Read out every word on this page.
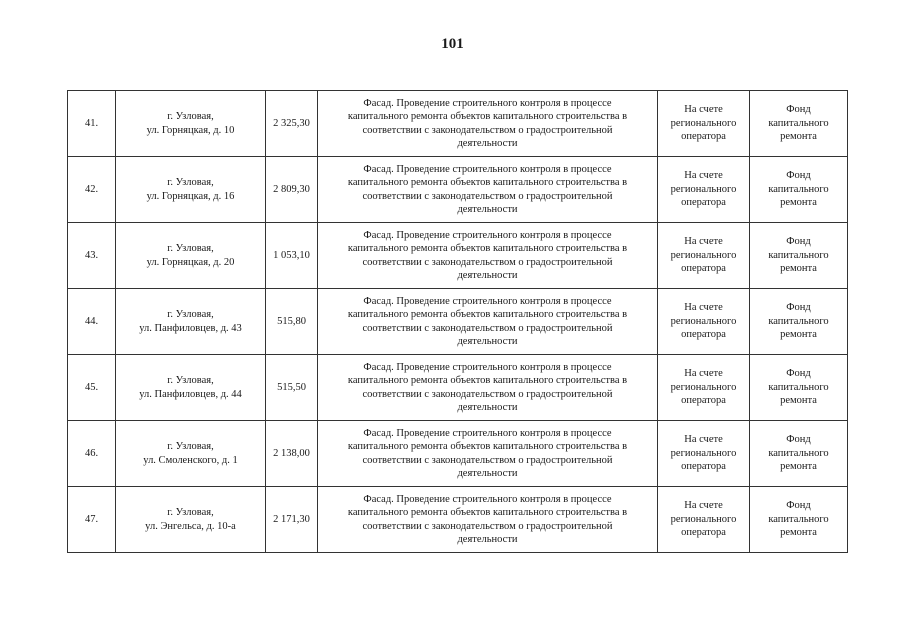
101
41.	г. Узловая,
ул. Горняцкая, д. 10	2 325,30	Фасад. Проведение строительного контроля в процессе
капитального ремонта объектов капитального строительства в
соответствии с законодательством о градостроительной
деятельности	На счете
регионального
оператора	Фонд
капитального
ремонта

42.	г. Узловая,
ул. Горняцкая, д. 16	2 809,30	Фасад. Проведение строительного контроля в процессе
капитального ремонта объектов капитального строительства в
соответствии с законодательством о градостроительной
деятельности	На счете
регионального
оператора	Фонд
капитального
ремонта

43.	г. Узловая,
ул. Горняцкая, д. 20	1 053,10	Фасад. Проведение строительного контроля в процессе
капитального ремонта объектов капитального строительства в
соответствии с законодательством о градостроительной
деятельности	На счете
регионального
оператора	Фонд
капитального
ремонта

44.	г. Узловая,
ул. Панфиловцев, д. 43	515,80	Фасад. Проведение строительного контроля в процессе
капитального ремонта объектов капитального строительства в
соответствии с законодательством о градостроительной
деятельности	На счете
регионального
оператора	Фонд
капитального
ремонта

45.	г. Узловая,
ул. Панфиловцев, д. 44	515,50	Фасад. Проведение строительного контроля в процессе
капитального ремонта объектов капитального строительства в
соответствии с законодательством о градостроительной
деятельности	На счете
регионального
оператора	Фонд
капитального
ремонта

46.	г. Узловая,
ул. Смоленского, д. 1	2 138,00	Фасад. Проведение строительного контроля в процессе
капитального ремонта объектов капитального строительства в
соответствии с законодательством о градостроительной
деятельности	На счете
регионального
оператора	Фонд
капитального
ремонта

47.	г. Узловая,
ул. Энгельса, д. 10-а	2 171,30	Фасад. Проведение строительного контроля в процессе
капитального ремонта объектов капитального строительства в
соответствии с законодательством о градостроительной
деятельности	На счете
регионального
оператора	Фонд
капитального
ремонта
